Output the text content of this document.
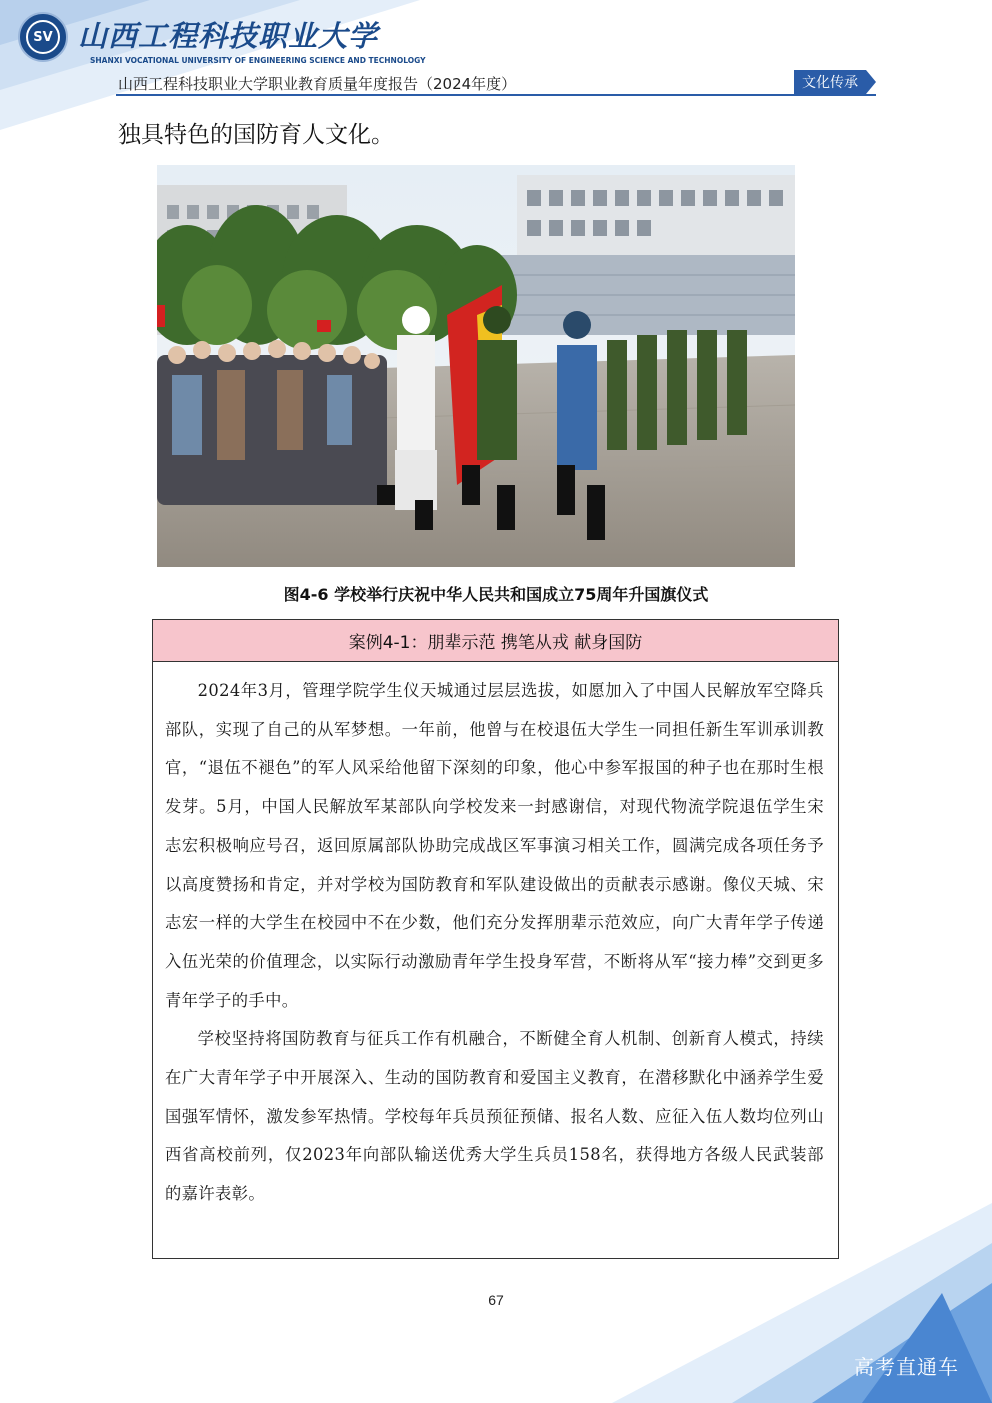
SV 山西工程科技职业大学
SHANXI VOCATIONAL UNIVERSITY OF ENGINEERING SCIENCE AND TECHNOLOGY
山西工程科技职业大学职业教育质量年度报告（2024年度）	文化传承
独具特色的国防育人文化。
图4-6 学校举行庆祝中华人民共和国成立75周年升国旗仪式
案例4-1：朋辈示范 携笔从戎 献身国防

2024年3月，管理学院学生仪天城通过层层选拔，如愿加入了中国人民解放军空降兵部队，实现了自己的从军梦想。一年前，他曾与在校退伍大学生一同担任新生军训承训教官，“退伍不褪色”的军人风采给他留下深刻的印象，他心中参军报国的种子也在那时生根发芽。5月，中国人民解放军某部队向学校发来一封感谢信，对现代物流学院退伍学生宋志宏积极响应号召，返回原属部队协助完成战区军事演习相关工作，圆满完成各项任务予以高度赞扬和肯定，并对学校为国防教育和军队建设做出的贡献表示感谢。像仪天城、宋志宏一样的大学生在校园中不在少数，他们充分发挥朋辈示范效应，向广大青年学子传递入伍光荣的价值理念，以实际行动激励青年学生投身军营，不断将从军“接力棒”交到更多青年学子的手中。

学校坚持将国防教育与征兵工作有机融合，不断健全育人机制、创新育人模式，持续在广大青年学子中开展深入、生动的国防教育和爱国主义教育，在潜移默化中涵养学生爱国强军情怀，激发参军热情。学校每年兵员预征预储、报名人数、应征入伍人数均位列山西省高校前列，仅2023年向部队输送优秀大学生兵员158名，获得地方各级人民武装部的嘉许表彰。

67
高考直通车
